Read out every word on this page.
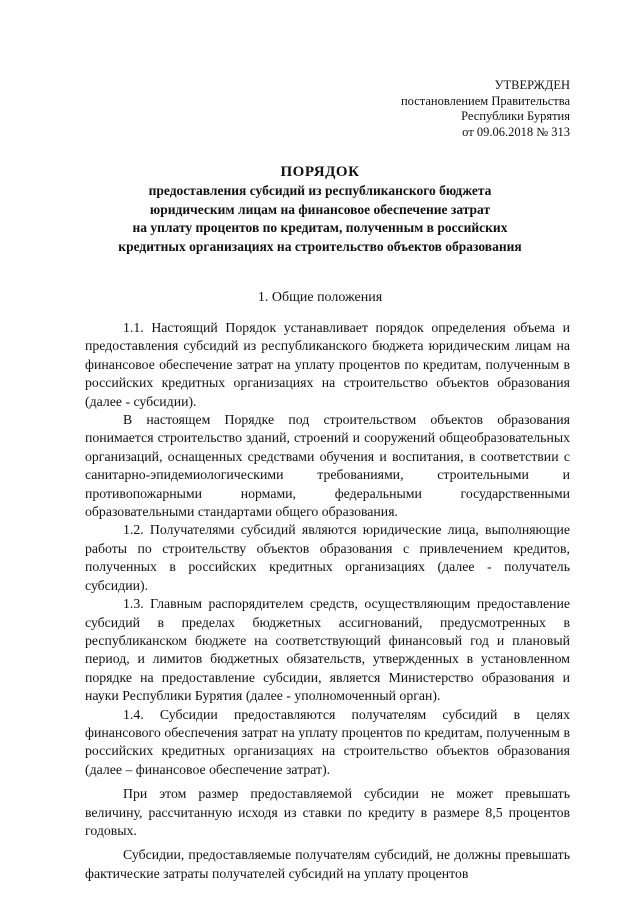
УТВЕРЖДЕН
постановлением Правительства
Республики Бурятия
от 09.06.2018 № 313
ПОРЯДОК
предоставления субсидий из республиканского бюджета
юридическим лицам на финансовое обеспечение затрат
на уплату процентов по кредитам, полученным в российских
кредитных организациях на строительство объектов образования
1. Общие положения

1.1. Настоящий Порядок устанавливает порядок определения объема и предоставления субсидий из республиканского бюджета юридическим лицам на финансовое обеспечение затрат на уплату процентов по кредитам, полученным в российских кредитных организациях на строительство объектов образования (далее - субсидии).

В настоящем Порядке под строительством объектов образования понимается строительство зданий, строений и сооружений общеобразовательных организаций, оснащенных средствами обучения и воспитания, в соответствии с санитарно-эпидемиологическими требованиями, строительными и противопожарными нормами, федеральными государственными образовательными стандартами общего образования.

1.2. Получателями субсидий являются юридические лица, выполняющие работы по строительству объектов образования с привлечением кредитов, полученных в российских кредитных организациях (далее - получатель субсидии).

1.3. Главным распорядителем средств, осуществляющим предоставление субсидий в пределах бюджетных ассигнований, предусмотренных в республиканском бюджете на соответствующий финансовый год и плановый период, и лимитов бюджетных обязательств, утвержденных в установленном порядке на предоставление субсидии, является Министерство образования и науки Республики Бурятия (далее - уполномоченный орган).

1.4. Субсидии предоставляются получателям субсидий в целях финансового обеспечения затрат на уплату процентов по кредитам, полученным в российских кредитных организациях на строительство объектов образования (далее – финансовое обеспечение затрат).

При этом размер предоставляемой субсидии не может превышать величину, рассчитанную исходя из ставки по кредиту в размере 8,5 процентов годовых.

Субсидии, предоставляемые получателям субсидий, не должны превышать фактические затраты получателей субсидий на уплату процентов
